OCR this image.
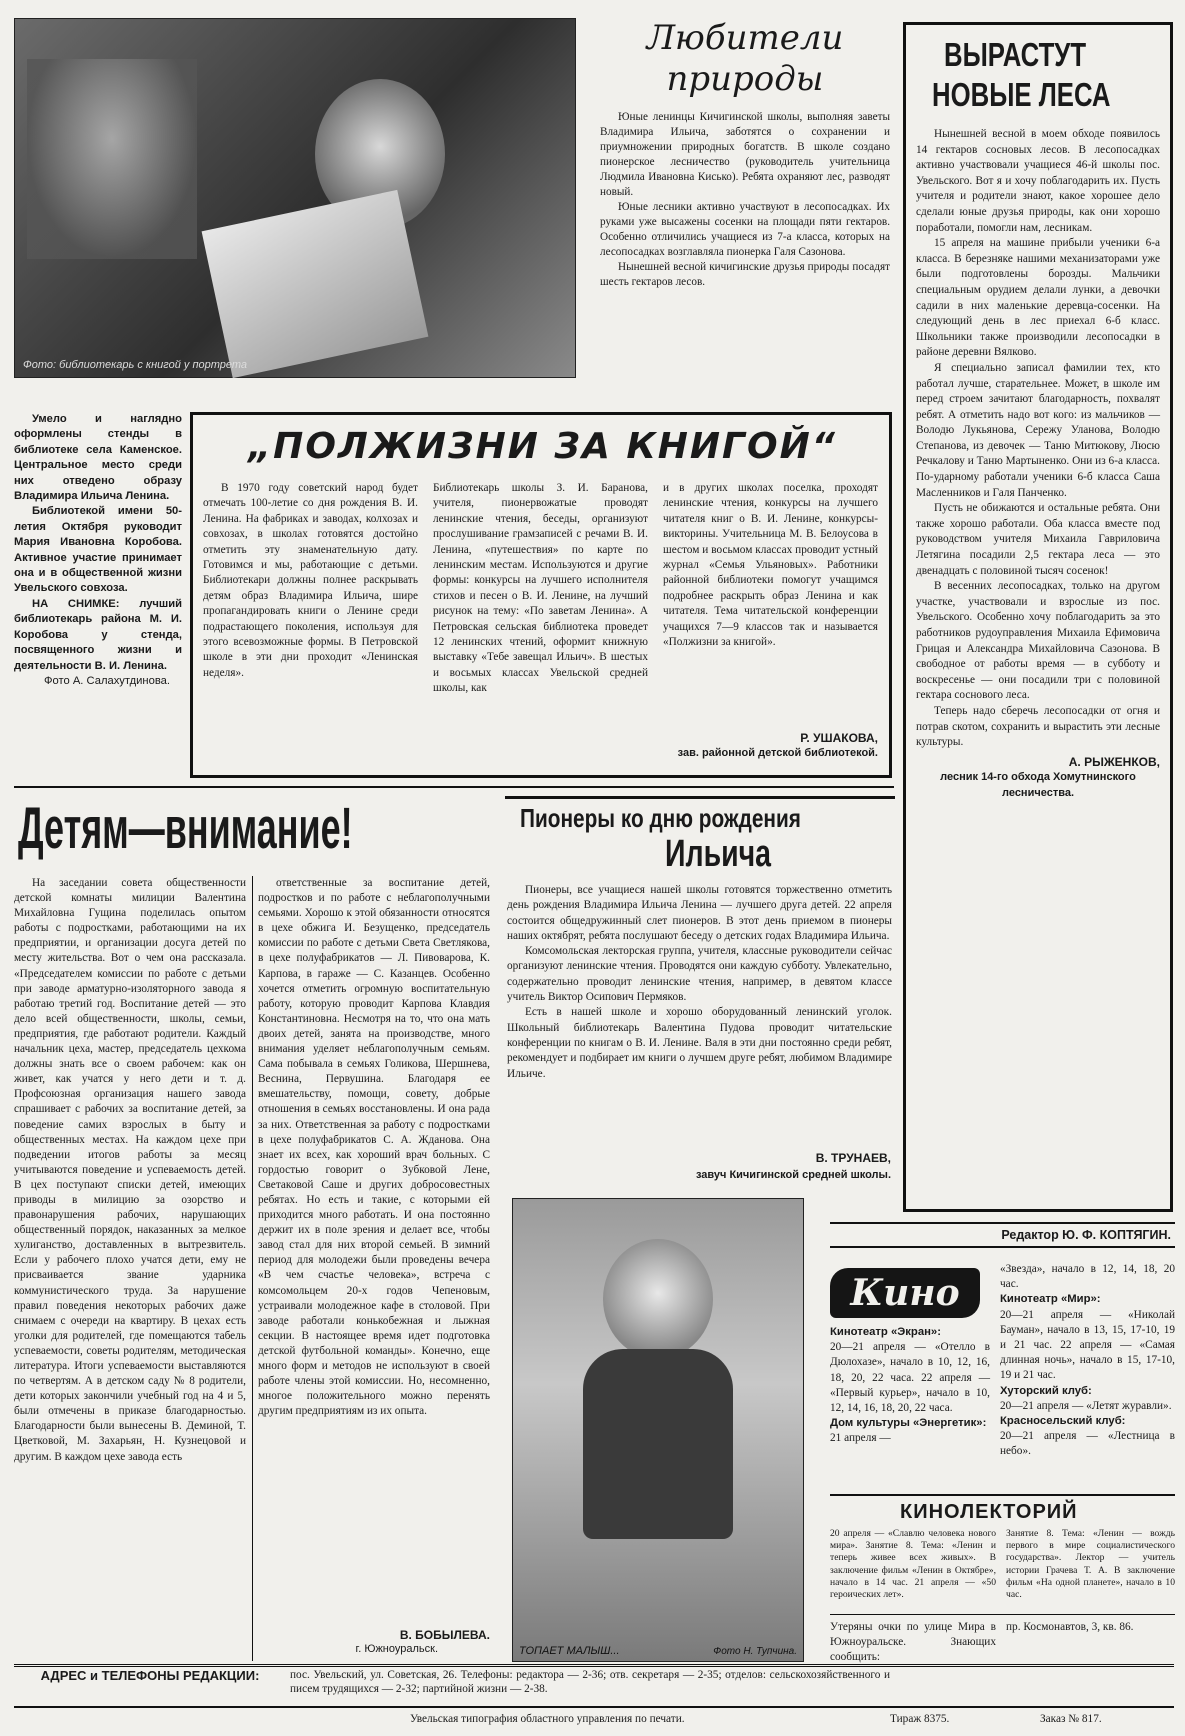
Фото: библиотекарь с книгой у портрета

Умело и наглядно оформлены стенды в библиотеке села Каменское. Центральное место среди них отведено образу Владимира Ильича Ленина.

Библиотекой имени 50-летия Октября руководит Мария Ивановна Коробова. Активное участие принимает она и в общественной жизни Увельского совхоза.

НА СНИМКЕ: лучший библиотекарь района М. И. Коробова у стенда, посвященного жизни и деятельности В. И. Ленина.

Фото А. Салахутдинова.

Любители
природы

Юные ленинцы Кичигинской школы, выполняя заветы Владимира Ильича, заботятся о сохранении и приумножении природных богатств. В школе создано пионерское лесничество (руководитель учительница Людмила Ивановна Кисько). Ребята охраняют лес, разводят новый.

Юные лесники активно участвуют в лесопосадках. Их руками уже высажены сосенки на площади пяти гектаров. Особенно отличились учащиеся из 7-а класса, которых на лесопосадках возглавляла пионерка Галя Сазонова.

Нынешней весной кичигинские друзья природы посадят шесть гектаров лесов.

ВЫРАСТУТ
НОВЫЕ ЛЕСА

Нынешней весной в моем обходе появилось 14 гектаров сосновых лесов. В лесопосадках активно участвовали учащиеся 46-й школы пос. Увельского. Вот я и хочу поблагодарить их. Пусть учителя и родители знают, какое хорошее дело сделали юные друзья природы, как они хорошо поработали, помогли нам, лесникам.

15 апреля на машине прибыли ученики 6-а класса. В березняке нашими механизаторами уже были подготовлены борозды. Мальчики специальным орудием делали лунки, а девочки садили в них маленькие деревца-сосенки. На следующий день в лес приехал 6-б класс. Школьники также производили лесопосадки в районе деревни Вялково.

Я специально записал фамилии тех, кто работал лучше, старательнее. Может, в школе им перед строем зачитают благодарность, похвалят ребят. А отметить надо вот кого: из мальчиков — Володю Лукьянова, Сережу Уланова, Володю Степанова, из девочек — Таню Митюкову, Люсю Речкалову и Таню Мартыненко. Они из 6-а класса. По-ударному работали ученики 6-б класса Саша Масленников и Галя Панченко.

Пусть не обижаются и остальные ребята. Они также хорошо работали. Оба класса вместе под руководством учителя Михаила Гавриловича Летягина посадили 2,5 гектара леса — это двенадцать с половиной тысяч сосенок!

В весенних лесопосадках, только на другом участке, участвовали и взрослые из пос. Увельского. Особенно хочу поблагодарить за это работников рудоуправления Михаила Ефимовича Грицая и Александра Михайловича Сазонова. В свободное от работы время — в субботу и воскресенье — они посадили три с половиной гектара соснового леса.

Теперь надо сберечь лесопосадки от огня и потрав скотом, сохранить и вырастить эти лесные культуры.

А. РЫЖЕНКОВ,
лесник 14-го обхода Хомутнинского лесничества.
„ПОЛЖИЗНИ ЗА КНИГОЙ“
В 1970 году советский народ будет отмечать 100-летие со дня рождения В. И. Ленина. На фабриках и заводах, колхозах и совхозах, в школах готовятся достойно отметить эту знаменательную дату. Готовимся и мы, работающие с детьми. Библиотекари должны полнее раскрывать детям образ Владимира Ильича, шире пропагандировать книги о Ленине среди подрастающего поколения, используя для этого всевозможные формы. В Петровской школе в эти дни проходит «Ленинская неделя».
Библиотекарь школы З. И. Баранова, учителя, пионервожатые проводят ленинские чтения, беседы, организуют прослушивание грамзаписей с речами В. И. Ленина, «путешествия» по карте по ленинским местам. Используются и другие формы: конкурсы на лучшего исполнителя стихов и песен о В. И. Ленине, на лучший рисунок на тему: «По заветам Ленина». А Петровская сельская библиотека проведет 12 ленинских чтений, оформит книжную выставку «Тебе завещал Ильич». В шестых и восьмых классах Увельской средней школы, как
и в других школах поселка, проходят ленинские чтения, конкурсы на лучшего читателя книг о В. И. Ленине, конкурсы-викторины. Учительница М. В. Белоусова в шестом и восьмом классах проводит устный журнал «Семья Ульяновых». Работники районной библиотеки помогут учащимся подробнее раскрыть образ Ленина и как читателя. Тема читательской конференции учащихся 7—9 классов так и называется «Полжизни за книгой».
Р. УШАКОВА,
зав. районной детской библиотекой.
Детям—внимание!
На заседании совета общественности детской комнаты милиции Валентина Михайловна Гущина поделилась опытом работы с подростками, работающими на их предприятии, и организации досуга детей по месту жительства. Вот о чем она рассказала. «Председателем комиссии по работе с детьми при заводе арматурно-изоляторного завода я работаю третий год. Воспитание детей — это дело всей общественности, школы, семьи, предприятия, где работают родители. Каждый начальник цеха, мастер, председатель цехкома должны знать все о своем рабочем: как он живет, как учатся у него дети и т. д. Профсоюзная организация нашего завода спрашивает с рабочих за воспитание детей, за поведение самих взрослых в быту и общественных местах. На каждом цехе при подведении итогов работы за месяц учитываются поведение и успеваемость детей. В цех поступают списки детей, имеющих приводы в милицию за озорство и правонарушения рабочих, нарушающих общественный порядок, наказанных за мелкое хулиганство, доставленных в вытрезвитель. Если у рабочего плохо учатся дети, ему не присваивается звание ударника коммунистического труда. За нарушение правил поведения некоторых рабочих даже снимаем с очереди на квартиру. В цехах есть уголки для родителей, где помещаются табель успеваемости, советы родителям, методическая литература. Итоги успеваемости выставляются по четвертям. А в детском саду № 8 родители, дети которых закончили учебный год на 4 и 5, были отмечены в приказе благодарностью. Благодарности были вынесены В. Деминой, Т. Цветковой, М. Захарьян, Н. Кузнецовой и другим. В каждом цехе завода есть
ответственные за воспитание детей, подростков и по работе с неблагополучными семьями. Хорошо к этой обязанности относятся в цехе обжига И. Безущенко, председатель комиссии по работе с детьми Света Светлякова, в цехе полуфабрикатов — Л. Пивоварова, К. Карпова, в гараже — С. Казанцев. Особенно хочется отметить огромную воспитательную работу, которую проводит Карпова Клавдия Константиновна. Несмотря на то, что она мать двоих детей, занята на производстве, много внимания уделяет неблагополучным семьям. Сама побывала в семьях Голикова, Шершнева, Веснина, Первушина. Благодаря ее вмешательству, помощи, совету, добрые отношения в семьях восстановлены. И она рада за них. Ответственная за работу с подростками в цехе полуфабрикатов С. А. Жданова. Она знает их всех, как хороший врач больных. С гордостью говорит о Зубковой Лене, Светаковой Саше и других добросовестных ребятах. Но есть и такие, с которыми ей приходится много работать. И она постоянно держит их в поле зрения и делает все, чтобы завод стал для них второй семьей. В зимний период для молодежи были проведены вечера «В чем счастье человека», встреча с комсомольцем 20-х годов Чепеновым, устраивали молодежное кафе в столовой. При заводе работали конькобежная и лыжная секции. В настоящее время идет подготовка детской футбольной команды». Конечно, еще много форм и методов не используют в своей работе члены этой комиссии. Но, несомненно, многое положительного можно перенять другим предприятиям из их опыта.
В. БОБЫЛЕВА.
г. Южноуральск.
Пионеры ко дню рождения
Ильича

Пионеры, все учащиеся нашей школы готовятся торжественно отметить день рождения Владимира Ильича Ленина — лучшего друга детей. 22 апреля состоится общедружинный слет пионеров. В этот день приемом в пионеры наших октябрят, ребята послушают беседу о детских годах Владимира Ильича.

Комсомольская лекторская группа, учителя, классные руководители сейчас организуют ленинские чтения. Проводятся они каждую субботу. Увлекательно, содержательно проводит ленинские чтения, например, в девятом классе учитель Виктор Осипович Пермяков.

Есть в нашей школе и хорошо оборудованный ленинский уголок. Школьный библиотекарь Валентина Пудова проводит читательские конференции по книгам о В. И. Ленине. Валя в эти дни постоянно среди ребят, рекомендует и подбирает им книги о лучшем друге ребят, любимом Владимире Ильиче.

В. ТРУНАЕВ,
завуч Кичигинской средней школы.
ТОПАЕТ МАЛЫШ...	Фото Н. Тупчина.
Редактор Ю. Ф. КОПТЯГИН.
Кино
Кинотеатр «Экран»:
20—21 апреля — «Отелло в Дюлохазе», начало в 10, 12, 16, 18, 20, 22 часа. 22 апреля — «Первый курьер», начало в 10, 12, 14, 16, 18, 20, 22 часа.
Дом культуры «Энергетик»:
21 апреля —
«Звезда», начало в 12, 14, 18, 20 час.
Кинотеатр «Мир»:
20—21 апреля — «Николай Бауман», начало в 13, 15, 17-10, 19 и 21 час. 22 апреля — «Самая длинная ночь», начало в 15, 17-10, 19 и 21 час.
Хуторский клуб:
20—21 апреля — «Летят журавли».
Красносельский клуб:
20—21 апреля — «Лестница в небо».
КИНОЛЕКТОРИЙ
20 апреля — «Славлю человека нового мира». Занятие 8. Тема: «Ленин и теперь живее всех живых». В заключение фильм «Ленин в Октябре», начало в 14 час. 21 апреля — «50 героических лет».
Занятие 8. Тема: «Ленин — вождь первого в мире социалистического государства». Лектор — учитель истории Грачева Т. А. В заключение фильм «На одной планете», начало в 10 час.
Утеряны очки по улице Мира в Южноуральске. Знающих сообщить:
пр. Космонавтов, 3, кв. 86.
АДРЕС и ТЕЛЕФОНЫ РЕДАКЦИИ:	пос. Увельский, ул. Советская, 26. Телефоны: редактора — 2-36; отв. секретаря — 2-35; отделов: сельскохозяйственного и писем трудящихся — 2-32; партийной жизни — 2-38.
Увельская типография областного управления по печати.	Тираж 8375.	Заказ № 817.
